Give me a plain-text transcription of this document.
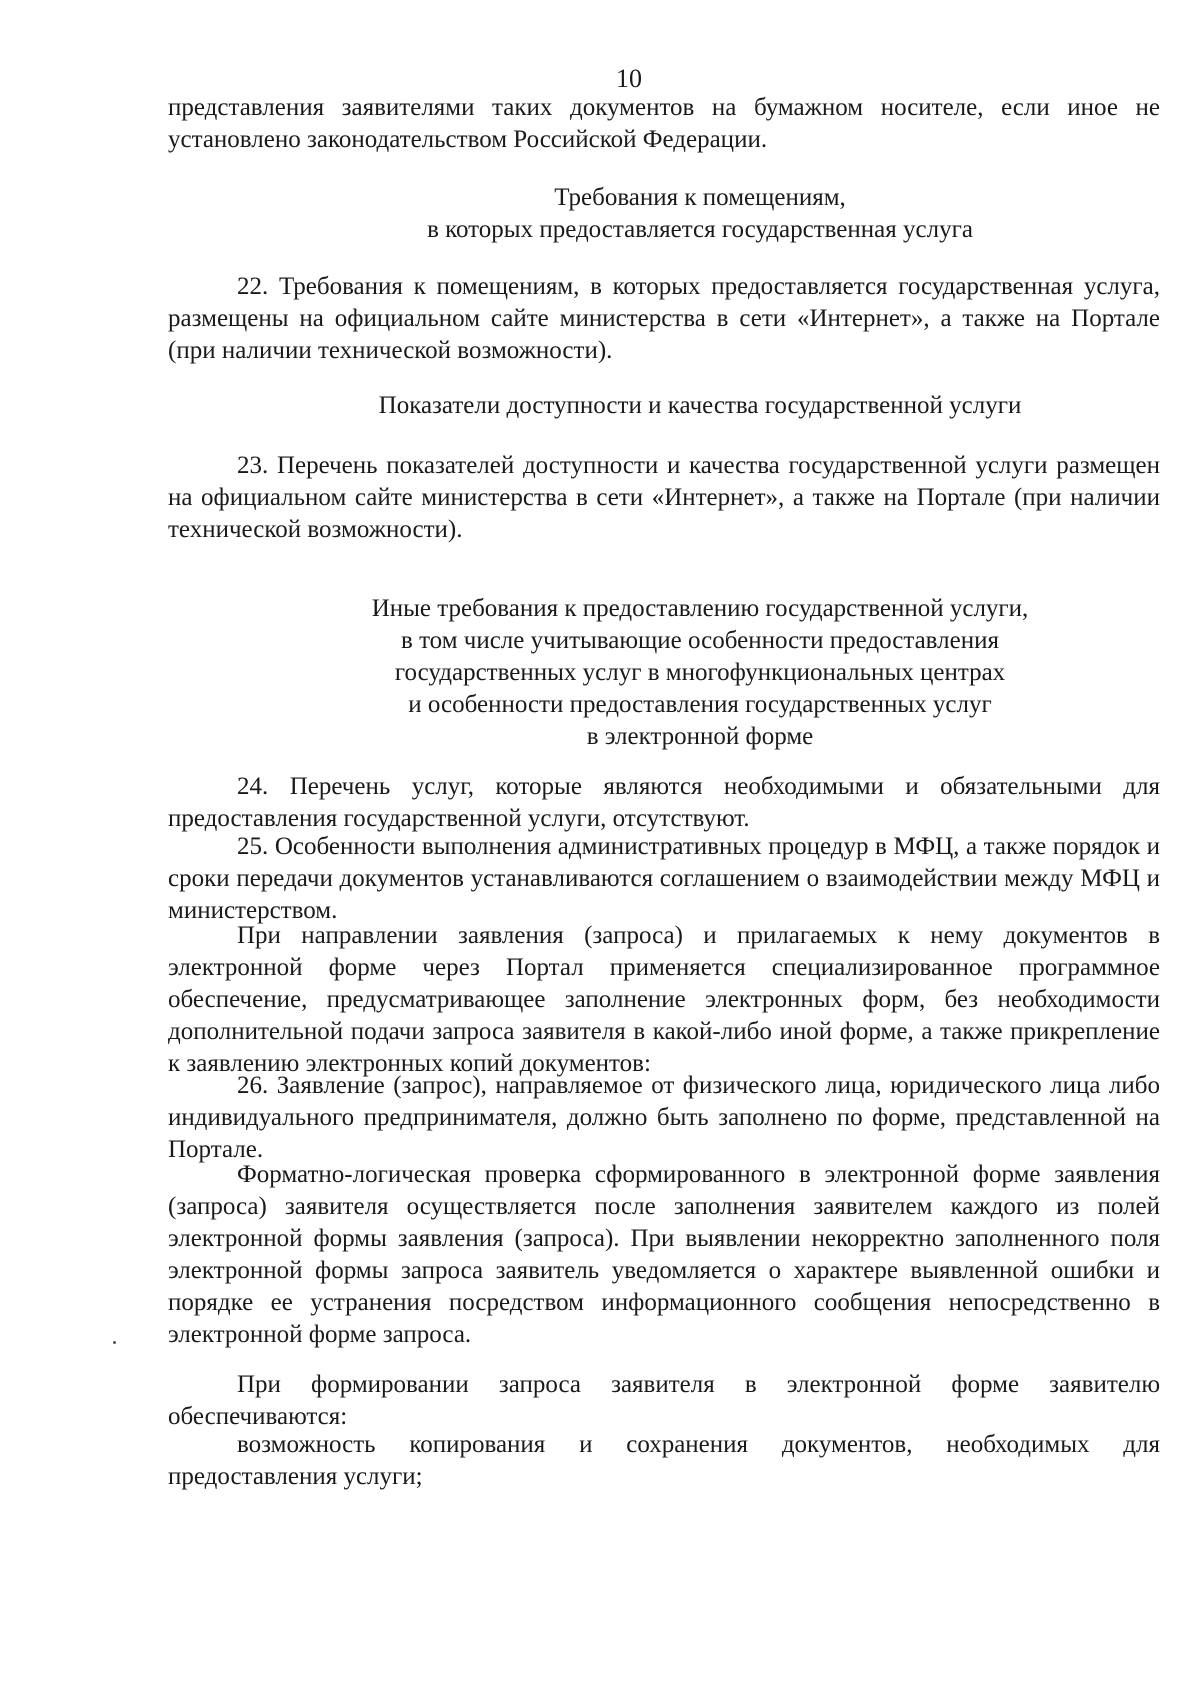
10
представления заявителями таких документов на бумажном носителе, если иное не установлено законодательством Российской Федерации.
Требования к помещениям,
в которых предоставляется государственная услуга
22. Требования к помещениям, в которых предоставляется государственная услуга, размещены на официальном сайте министерства в сети «Интернет», а также на Портале (при наличии технической возможности).
Показатели доступности и качества государственной услуги
23. Перечень показателей доступности и качества государственной услуги размещен на официальном сайте министерства в сети «Интернет», а также на Портале (при наличии технической возможности).
Иные требования к предоставлению государственной услуги,
в том числе учитывающие особенности предоставления
государственных услуг в многофункциональных центрах
и особенности предоставления государственных услуг
в электронной форме
24. Перечень услуг, которые являются необходимыми и обязательными для предоставления государственной услуги, отсутствуют.
25. Особенности выполнения административных процедур в МФЦ, а также порядок и сроки передачи документов устанавливаются соглашением о взаимодействии между МФЦ и министерством.
При направлении заявления (запроса) и прилагаемых к нему документов в электронной форме через Портал применяется специализированное программное обеспечение, предусматривающее заполнение электронных форм, без необходимости дополнительной подачи запроса заявителя в какой-либо иной форме, а также прикрепление к заявлению электронных копий документов:
26. Заявление (запрос), направляемое от физического лица, юридического лица либо индивидуального предпринимателя, должно быть заполнено по форме, представленной на Портале.
Форматно-логическая проверка сформированного в электронной форме заявления (запроса) заявителя осуществляется после заполнения заявителем каждого из полей электронной формы заявления (запроса). При выявлении некорректно заполненного поля электронной формы запроса заявитель уведомляется о характере выявленной ошибки и порядке ее устранения посредством информационного сообщения непосредственно в электронной форме запроса.
При формировании запроса заявителя в электронной форме заявителю обеспечиваются:
возможность копирования и сохранения документов, необходимых для предоставления услуги;
